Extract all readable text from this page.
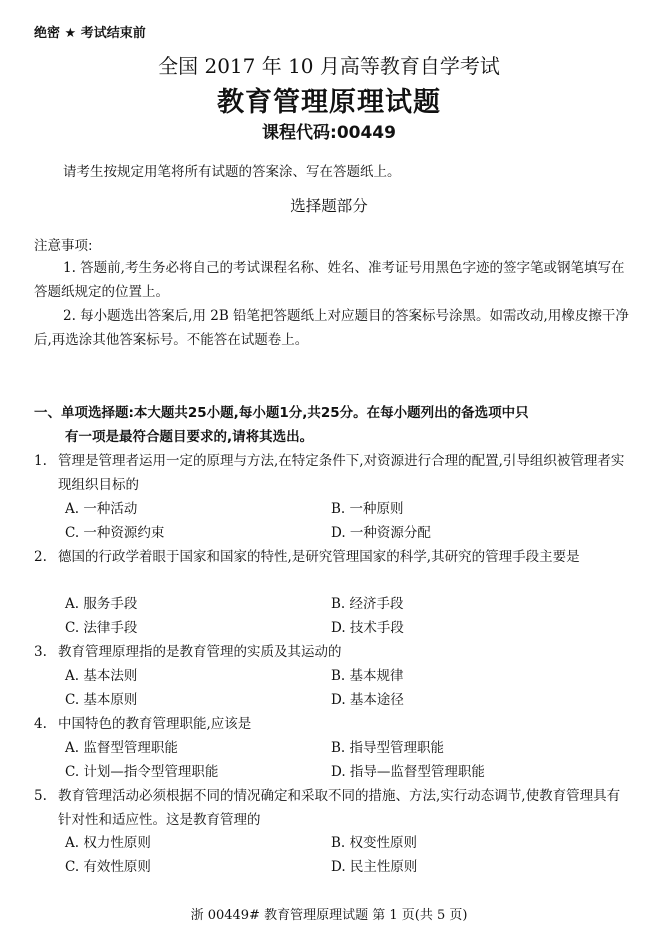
绝密 ★ 考试结束前
全国 2017 年 10 月高等教育自学考试
教育管理原理试题
课程代码:00449
请考生按规定用笔将所有试题的答案涂、写在答题纸上。
选择题部分
注意事项:
1. 答题前,考生务必将自己的考试课程名称、姓名、准考证号用黑色字迹的签字笔或钢笔填写在答题纸规定的位置上。
2. 每小题选出答案后,用 2B 铅笔把答题纸上对应题目的答案标号涂黑。如需改动,用橡皮擦干净后,再选涂其他答案标号。不能答在试题卷上。
一、单项选择题:本大题共25小题,每小题1分,共25分。在每小题列出的备选项中只
有一项是最符合题目要求的,请将其选出。
1. 管理是管理者运用一定的原理与方法,在特定条件下,对资源进行合理的配置,引导组织被管理者实现组织目标的
A. 一种活动	B. 一种原则
C. 一种资源约束	D. 一种资源分配
2. 德国的行政学着眼于国家和国家的特性,是研究管理国家的科学,其研究的管理手段主要是
A. 服务手段	B. 经济手段
C. 法律手段	D. 技术手段
3. 教育管理原理指的是教育管理的实质及其运动的
A. 基本法则	B. 基本规律
C. 基本原则	D. 基本途径
4. 中国特色的教育管理职能,应该是
A. 监督型管理职能	B. 指导型管理职能
C. 计划—指令型管理职能	D. 指导—监督型管理职能
5. 教育管理活动必须根据不同的情况确定和采取不同的措施、方法,实行动态调节,使教育管理具有针对性和适应性。这是教育管理的
A. 权力性原则	B. 权变性原则
C. 有效性原则	D. 民主性原则
浙 00449# 教育管理原理试题 第 1 页(共 5 页)
